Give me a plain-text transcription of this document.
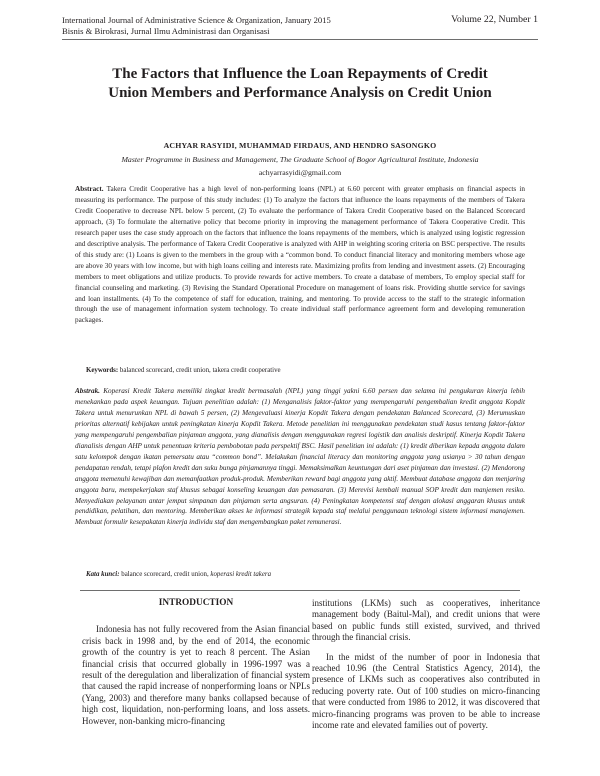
International Journal of Administrative Science & Organization, January 2015	Volume 22, Number 1
Bisnis & Birokrasi, Jurnal Ilmu Administrasi dan Organisasi
The Factors that Influence the Loan Repayments of Credit
Union Members and Performance Analysis on Credit Union
ACHYAR RASYIDI, MUHAMMAD FIRDAUS, AND HENDRO SASONGKO
Master Programme in Business and Management, The Graduate School of Bogor Agricultural Institute, Indonesia
achyarrasyidi@gmail.com
Abstract. Takera Credit Cooperative has a high level of non-performing loans (NPL) at 6.60 percent with greater emphasis on financial aspects in measuring its performance. The purpose of this study includes: (1) To analyze the factors that influence the loans repayments of the members of Takera Credit Cooperative to decrease NPL below 5 percent, (2) To evaluate the performance of Takera Credit Cooperative based on the Balanced Scorecard approach, (3) To formulate the alternative policy that become priority in improving the management performance of Takera Cooperative Credit. This research paper uses the case study approach on the factors that influence the loans repayments of the members, which is analyzed using logistic regression and descriptive analysis. The performance of Takera Credit Cooperative is analyzed with AHP in weighting scoring criteria on BSC perspective. The results of this study are: (1) Loans is given to the members in the group with a “common bond. To conduct financial literacy and monitoring members whose age are above 30 years with low income, but with high loans ceiling and interests rate. Maximizing profits from lending and investment assets. (2) Encouraging members to meet obligations and utilize products. To provide rewards for active members. To create a database of members, To employ special staff for financial counseling and marketing. (3) Revising the Standard Operational Procedure on management of loans risk. Providing shuttle service for savings and loan installments. (4) To the competence of staff for education, training, and mentoring. To provide access to the staff to the strategic information through the use of management information system technology. To create individual staff performance agreement form and developing remuneration packages.
Keywords: balanced scorecard, credit union, takera credit cooperative
Abstrak. Koperasi Kredit Takera memiliki tingkat kredit bermasalah (NPL) yang tinggi yakni 6.60 persen dan selama ini pengukuran kinerja lebih menekankan pada aspek keuangan. Tujuan penelitian adalah: (1) Menganalisis faktor-faktor yang mempengaruhi pengembalian kredit anggota Kopdit Takera untuk menurunkan NPL di bawah 5 persen, (2) Mengevaluasi kinerja Kopdit Takera dengan pendekatan Balanced Scorecard, (3) Merumuskan prioritas alternatif kebijakan untuk peningkatan kinerja Kopdit Takera. Metode penelitian ini menggunakan pendekatan studi kasus tentang faktor-faktor yang mempengaruhi pengembalian pinjaman anggota, yang dianalisis dengan menggunakan regresi logistik dan analisis deskriptif. Kinerja Kopdit Takera dianalisis dengan AHP untuk penentuan kriteria pembobotan pada perspektif BSC. Hasil penelitian ini adalah: (1) kredit diberikan kepada anggota dalam satu kelompok dengan ikatan pemersatu atau “common bond”. Melakukan financial literacy dan monitoring anggota yang usianya > 30 tahun dengan pendapatan rendah, tetapi plafon kredit dan suku bunga pinjamannya tinggi. Memaksimalkan keuntungan dari aset pinjaman dan investasi. (2) Mendorong anggota memenuhi kewajiban dan memanfaatkan produk-produk. Memberikan reward bagi anggota yang aktif. Membuat database anggota dan menjaring anggota baru, mempekerjakan staf khusus sebagai konseling keuangan dan pemasaran. (3) Merevisi kembali manual SOP kredit dan manjemen resiko. Menyediakan pelayanan antar jemput simpanan dan pinjaman serta angsuran. (4) Peningkatan kompetensi staf dengan alokasi anggaran khusus untuk pendidikan, pelatihan, dan mentoring. Memberikan akses ke informasi strategik kepada staf melalui penggunaan teknologi sistem informasi manajemen. Membuat formulir kesepakatan kinerja individu staf dan mengembangkan paket remunerasi.
Kata kunci: balance scorecard, credit union, koperasi kredit takera
INTRODUCTION

Indonesia has not fully recovered from the Asian financial crisis back in 1998 and, by the end of 2014, the economic growth of the country is yet to reach 8 percent. The Asian financial crisis that occurred globally in 1996-1997 was a result of the deregulation and liberalization of financial system that caused the rapid increase of nonperforming loans or NPLs (Yang, 2003) and therefore many banks collapsed because of high cost, liquidation, non-performing loans, and loss assets. However, non-banking micro-financing

institutions (LKMs) such as cooperatives, inheritance management body (Baitul-Mal), and credit unions that were based on public funds still existed, survived, and thrived through the financial crisis.

In the midst of the number of poor in Indonesia that reached 10.96 (the Central Statistics Agency, 2014), the presence of LKMs such as cooperatives also contributed in reducing poverty rate. Out of 100 studies on micro-financing that were conducted from 1986 to 2012, it was discovered that micro-financing programs was proven to be able to increase income rate and elevated families out of poverty.
